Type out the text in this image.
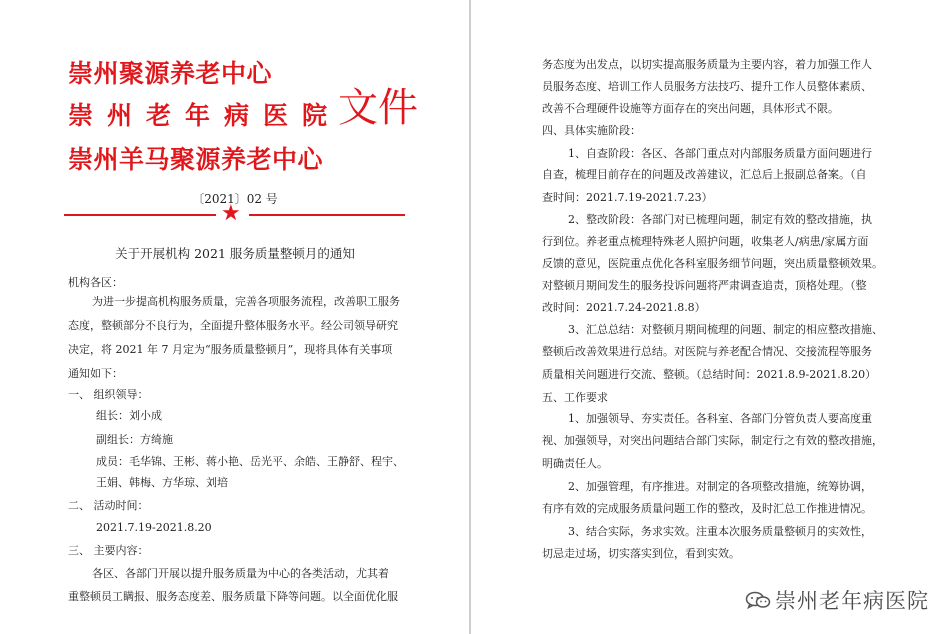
崇州聚源养老中心
崇州老年病医院
崇州羊马聚源养老中心
文件
〔2021〕02 号
★
关于开展机构 2021 服务质量整顿月的通知
机构各区：
为进一步提高机构服务质量，完善各项服务流程，改善职工服务
态度，整顿部分不良行为，全面提升整体服务水平。经公司领导研究
决定，将 2021 年 7 月定为“服务质量整顿月”，现将具体有关事项
通知如下：
一、 组织领导：
组长：刘小成
副组长：方绮施
成员：毛华锦、王彬、蒋小艳、岳光平、余皓、王静舒、程宇、
王娟、韩梅、方华琼、刘培
二、 活动时间：
2021.7.19-2021.8.20
三、 主要内容：
各区、各部门开展以提升服务质量为中心的各类活动，尤其着
重整顿员工瞒报、服务态度差、服务质量下降等问题。以全面优化服
务态度为出发点，以切实提高服务质量为主要内容，着力加强工作人
员服务态度、培训工作人员服务方法技巧、提升工作人员整体素质、
改善不合理硬件设施等方面存在的突出问题，具体形式不限。
四、具体实施阶段：
1、自查阶段：各区、各部门重点对内部服务质量方面问题进行
自查，梳理目前存在的问题及改善建议，汇总后上报副总备案。（自
查时间：2021.7.19-2021.7.23）
2、整改阶段：各部门对已梳理问题，制定有效的整改措施，执
行到位。养老重点梳理特殊老人照护问题，收集老人/病患/家属方面
反馈的意见，医院重点优化各科室服务细节问题，突出质量整顿效果。
对整顿月期间发生的服务投诉问题将严肃调查追责，顶格处理。（整
改时间：2021.7.24-2021.8.8）
3、汇总总结：对整顿月期间梳理的问题、制定的相应整改措施、
整顿后改善效果进行总结。对医院与养老配合情况、交接流程等服务
质量相关问题进行交流、整顿。（总结时间：2021.8.9-2021.8.20）
五、工作要求
1、加强领导、夯实责任。各科室、各部门分管负责人要高度重
视、加强领导，对突出问题结合部门实际，制定行之有效的整改措施，
明确责任人。
2、加强管理，有序推进。对制定的各项整改措施，统筹协调，
有序有效的完成服务质量问题工作的整改，及时汇总工作推进情况。
3、结合实际，务求实效。注重本次服务质量整顿月的实效性，
切忌走过场，切实落实到位，看到实效。
崇州老年病医院
